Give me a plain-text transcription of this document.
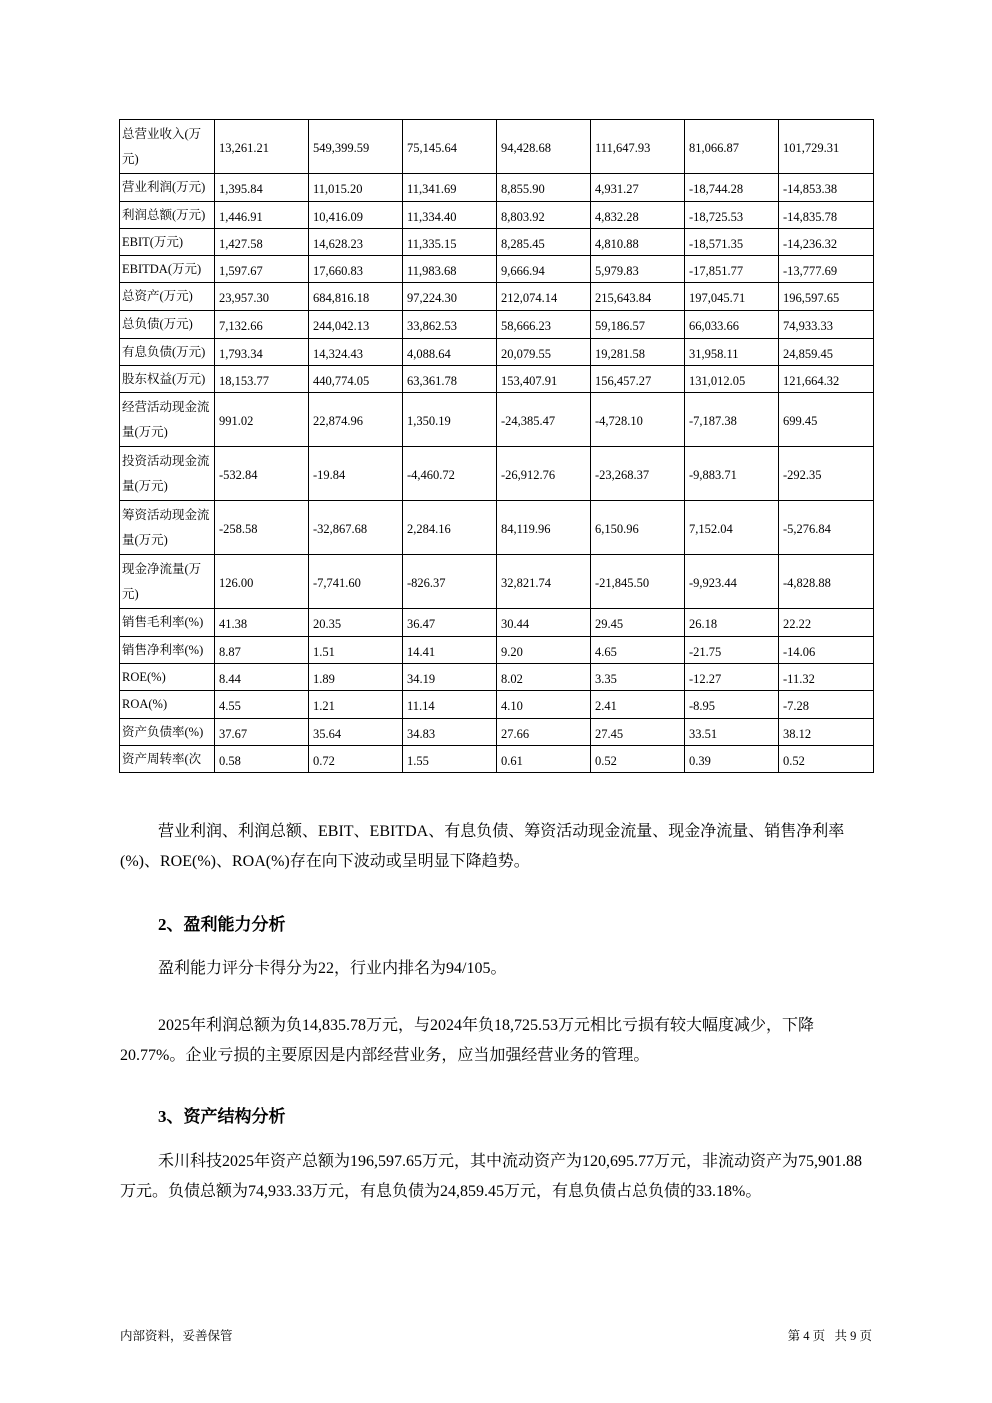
总营业收入(万元)	13,261.21	549,399.59	75,145.64	94,428.68	111,647.93	81,066.87	101,729.31
营业利润(万元)	1,395.84	11,015.20	11,341.69	8,855.90	4,931.27	-18,744.28	-14,853.38
利润总额(万元)	1,446.91	10,416.09	11,334.40	8,803.92	4,832.28	-18,725.53	-14,835.78
EBIT(万元)	1,427.58	14,628.23	11,335.15	8,285.45	4,810.88	-18,571.35	-14,236.32
EBITDA(万元)	1,597.67	17,660.83	11,983.68	9,666.94	5,979.83	-17,851.77	-13,777.69
总资产(万元)	23,957.30	684,816.18	97,224.30	212,074.14	215,643.84	197,045.71	196,597.65
总负债(万元)	7,132.66	244,042.13	33,862.53	58,666.23	59,186.57	66,033.66	74,933.33
有息负债(万元)	1,793.34	14,324.43	4,088.64	20,079.55	19,281.58	31,958.11	24,859.45
股东权益(万元)	18,153.77	440,774.05	63,361.78	153,407.91	156,457.27	131,012.05	121,664.32
经营活动现金流量(万元)	991.02	22,874.96	1,350.19	-24,385.47	-4,728.10	-7,187.38	699.45
投资活动现金流量(万元)	-532.84	-19.84	-4,460.72	-26,912.76	-23,268.37	-9,883.71	-292.35
筹资活动现金流量(万元)	-258.58	-32,867.68	2,284.16	84,119.96	6,150.96	7,152.04	-5,276.84
现金净流量(万元)	126.00	-7,741.60	-826.37	32,821.74	-21,845.50	-9,923.44	-4,828.88
销售毛利率(%)	41.38	20.35	36.47	30.44	29.45	26.18	22.22
销售净利率(%)	8.87	1.51	14.41	9.20	4.65	-21.75	-14.06
ROE(%)	8.44	1.89	34.19	8.02	3.35	-12.27	-11.32
ROA(%)	4.55	1.21	11.14	4.10	2.41	-8.95	-7.28
资产负债率(%)	37.67	35.64	34.83	27.66	27.45	33.51	38.12
资产周转率(次	0.58	0.72	1.55	0.61	0.52	0.39	0.52
营业利润、利润总额、EBIT、EBITDA、有息负债、筹资活动现金流量、现金净流量、销售净利率(%)、ROE(%)、ROA(%)存在向下波动或呈明显下降趋势。
2、盈利能力分析
盈利能力评分卡得分为22，行业内排名为94/105。
2025年利润总额为负14,835.78万元，与2024年负18,725.53万元相比亏损有较大幅度减少，下降20.77%。企业亏损的主要原因是内部经营业务，应当加强经营业务的管理。
3、资产结构分析
禾川科技2025年资产总额为196,597.65万元，其中流动资产为120,695.77万元，非流动资产为75,901.88万元。负债总额为74,933.33万元，有息负债为24,859.45万元，有息负债占总负债的33.18%。
内部资料，妥善保管	第 4 页   共 9 页
